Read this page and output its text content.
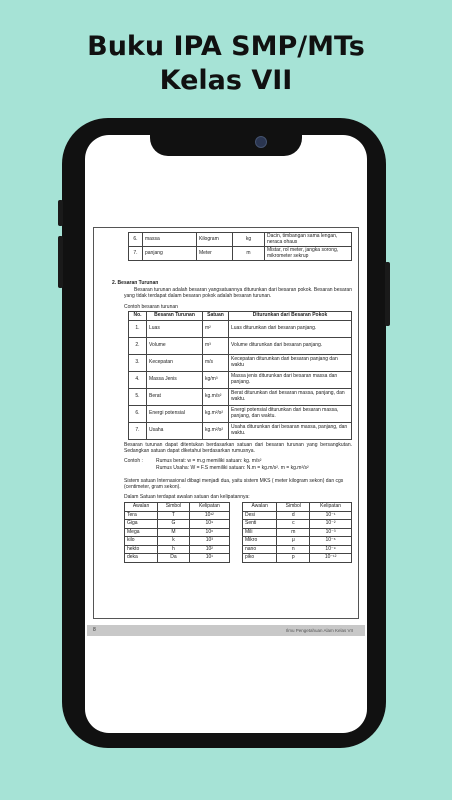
Buku IPA SMP/MTs
Kelas VII
6.	massa	Kilogram	kg	Dacin, timbangan sama lengan, neraca ohaus
7.	panjang	Meter	m	Mistar, rol meter, jangka sorong, mikrometer sekrup
2. Besaran Turunan
Besaran turunan adalah besaran yangsatuannya diturunkan dari besaran pokok. Besaran besaran yang tidak terdapat dalam besaran pokok adalah besaran turunan.
Contoh besaran turunan
No.	Besaran Turunan	Satuan	Diturunkan dari Besaran Pokok
1.	Luas	m²	Luas diturunkan dari besaran panjang.
2.	Volume	m³	Volume diturunkan dari besaran panjang.
3.	Kecepatan	m/s	Kecepatan diturunkan dari besaran panjang dan waktu
4.	Massa Jenis	kg/m³	Massa jenis diturunkan dari besaran massa dan panjang.
5.	Berat	kg.m/s²	Berat diturunkan dari besaran massa, panjang, dan waktu.
6.	Energi potensial	kg.m²/s²	Energi potensial diturunkan dari besaran massa, panjang, dan waktu.
7.	Usaha	kg.m²/s²	Usaha diturunkan dari besaran massa, panjang, dan waktu.
Besaran turunan dapat ditentukan berdasarkan satuan dari besaran turunan yang bersangkutan. Sedangkan satuan dapat diketahui berdasarkan rumusnya.
Contoh :	Rumus berat: w = m.g memiliki satuan: kg. m/s²
Rumus Usaha: W = F.S memiliki satuan: N.m = kg.m/s². m = kg.m²/s²
Sistem satuan Internasional dibagi menjadi dua, yaitu sistem MKS ( meter kilogram sekon) dan cgs (centimeter, gram sekon).
Dalam Satuan terdapat awalan satuan dan kelipatannya:
Awalan	Simbol	Kelipatan
Tera	T	10¹²
Giga	G	10⁹
Mega	M	10⁶
kilo	k	10³
hekto	h	10²
deka	Da	10¹
Awalan	Simbol	Kelipatan
Desi	d	10⁻¹
Senti	c	10⁻²
Mili	m	10⁻³
Mikro	μ	10⁻⁶
nano	n	10⁻⁹
piko	p	10⁻¹²
8	Ilmu Pengetahuan Alam Kelas VII
